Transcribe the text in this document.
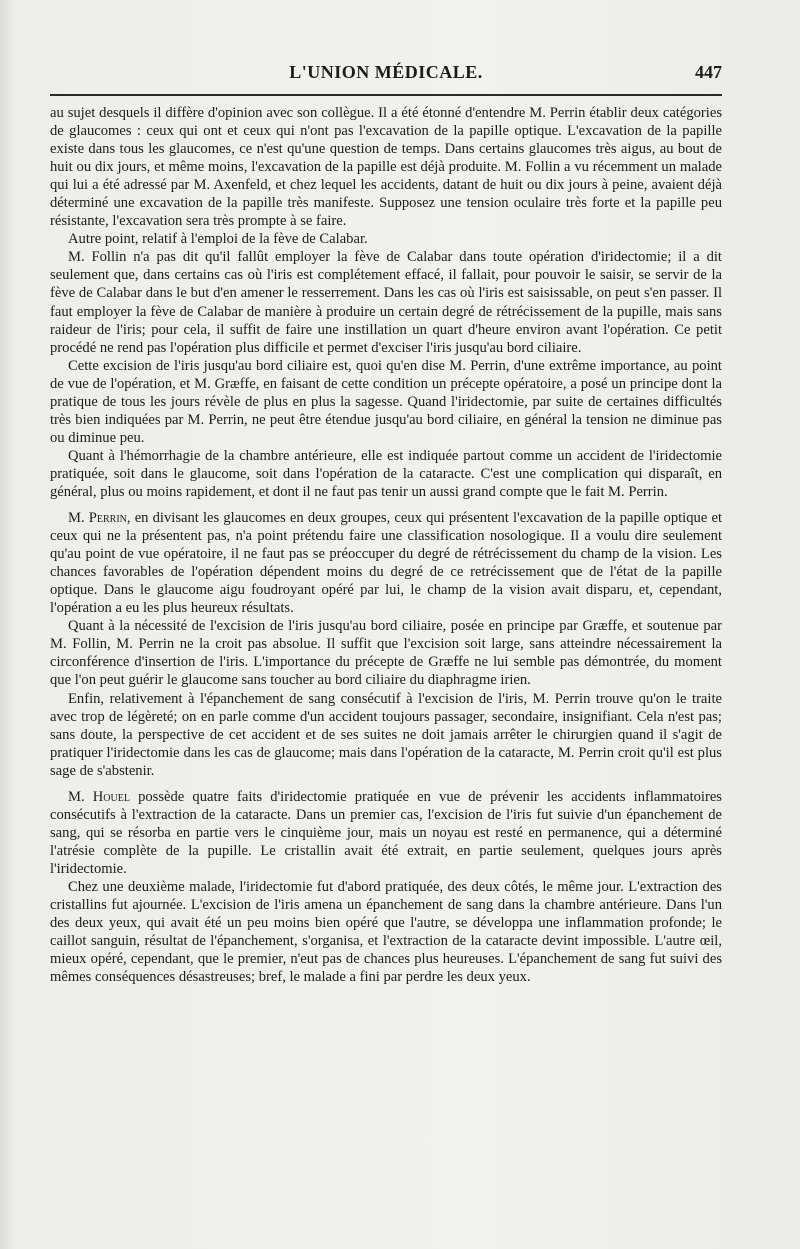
L'UNION MÉDICALE.	447

au sujet desquels il diffère d'opinion avec son collègue. Il a été étonné d'entendre M. Perrin établir deux catégories de glaucomes : ceux qui ont et ceux qui n'ont pas l'excavation de la papille optique. L'excavation de la papille existe dans tous les glaucomes, ce n'est qu'une question de temps. Dans certains glaucomes très aigus, au bout de huit ou dix jours, et même moins, l'excavation de la papille est déjà produite. M. Follin a vu récemment un malade qui lui a été adressé par M. Axenfeld, et chez lequel les accidents, datant de huit ou dix jours à peine, avaient déjà déterminé une excavation de la papille très manifeste. Supposez une tension oculaire très forte et la papille peu résistante, l'excavation sera très prompte à se faire.

Autre point, relatif à l'emploi de la fève de Calabar.

M. Follin n'a pas dit qu'il fallût employer la fève de Calabar dans toute opération d'iridectomie; il a dit seulement que, dans certains cas où l'iris est complétement effacé, il fallait, pour pouvoir le saisir, se servir de la fève de Calabar dans le but d'en amener le resserrement. Dans les cas où l'iris est saisissable, on peut s'en passer. Il faut employer la fève de Calabar de manière à produire un certain degré de rétrécissement de la pupille, mais sans raideur de l'iris; pour cela, il suffit de faire une instillation un quart d'heure environ avant l'opération. Ce petit procédé ne rend pas l'opération plus difficile et permet d'exciser l'iris jusqu'au bord ciliaire.

Cette excision de l'iris jusqu'au bord ciliaire est, quoi qu'en dise M. Perrin, d'une extrême importance, au point de vue de l'opération, et M. Græffe, en faisant de cette condition un précepte opératoire, a posé un principe dont la pratique de tous les jours révèle de plus en plus la sagesse. Quand l'iridectomie, par suite de certaines difficultés très bien indiquées par M. Perrin, ne peut être étendue jusqu'au bord ciliaire, en général la tension ne diminue pas ou diminue peu.

Quant à l'hémorrhagie de la chambre antérieure, elle est indiquée partout comme un accident de l'iridectomie pratiquée, soit dans le glaucome, soit dans l'opération de la cataracte. C'est une complication qui disparaît, en général, plus ou moins rapidement, et dont il ne faut pas tenir un aussi grand compte que le fait M. Perrin.

M. Perrin, en divisant les glaucomes en deux groupes, ceux qui présentent l'excavation de la papille optique et ceux qui ne la présentent pas, n'a point prétendu faire une classification nosologique. Il a voulu dire seulement qu'au point de vue opératoire, il ne faut pas se préoccuper du degré de rétrécissement du champ de la vision. Les chances favorables de l'opération dépendent moins du degré de ce retrécissement que de l'état de la papille optique. Dans le glaucome aigu foudroyant opéré par lui, le champ de la vision avait disparu, et, cependant, l'opération a eu les plus heureux résultats.

Quant à la nécessité de l'excision de l'iris jusqu'au bord ciliaire, posée en principe par Græffe, et soutenue par M. Follin, M. Perrin ne la croit pas absolue. Il suffit que l'excision soit large, sans atteindre nécessairement la circonférence d'insertion de l'iris. L'importance du précepte de Græffe ne lui semble pas démontrée, du moment que l'on peut guérir le glaucome sans toucher au bord ciliaire du diaphragme irien.

Enfin, relativement à l'épanchement de sang consécutif à l'excision de l'iris, M. Perrin trouve qu'on le traite avec trop de légèreté; on en parle comme d'un accident toujours passager, secondaire, insignifiant. Cela n'est pas; sans doute, la perspective de cet accident et de ses suites ne doit jamais arrêter le chirurgien quand il s'agit de pratiquer l'iridectomie dans les cas de glaucome; mais dans l'opération de la cataracte, M. Perrin croit qu'il est plus sage de s'abstenir.

M. Houel possède quatre faits d'iridectomie pratiquée en vue de prévenir les accidents inflammatoires consécutifs à l'extraction de la cataracte. Dans un premier cas, l'excision de l'iris fut suivie d'un épanchement de sang, qui se résorba en partie vers le cinquième jour, mais un noyau est resté en permanence, qui a déterminé l'atrésie complète de la pupille. Le cristallin avait été extrait, en partie seulement, quelques jours après l'iridectomie.

Chez une deuxième malade, l'iridectomie fut d'abord pratiquée, des deux côtés, le même jour. L'extraction des cristallins fut ajournée. L'excision de l'iris amena un épanchement de sang dans la chambre antérieure. Dans l'un des deux yeux, qui avait été un peu moins bien opéré que l'autre, se développa une inflammation profonde; le caillot sanguin, résultat de l'épanchement, s'organisa, et l'extraction de la cataracte devint impossible. L'autre œil, mieux opéré, cependant, que le premier, n'eut pas de chances plus heureuses. L'épanchement de sang fut suivi des mêmes conséquences désastreuses; bref, le malade a fini par perdre les deux yeux.
